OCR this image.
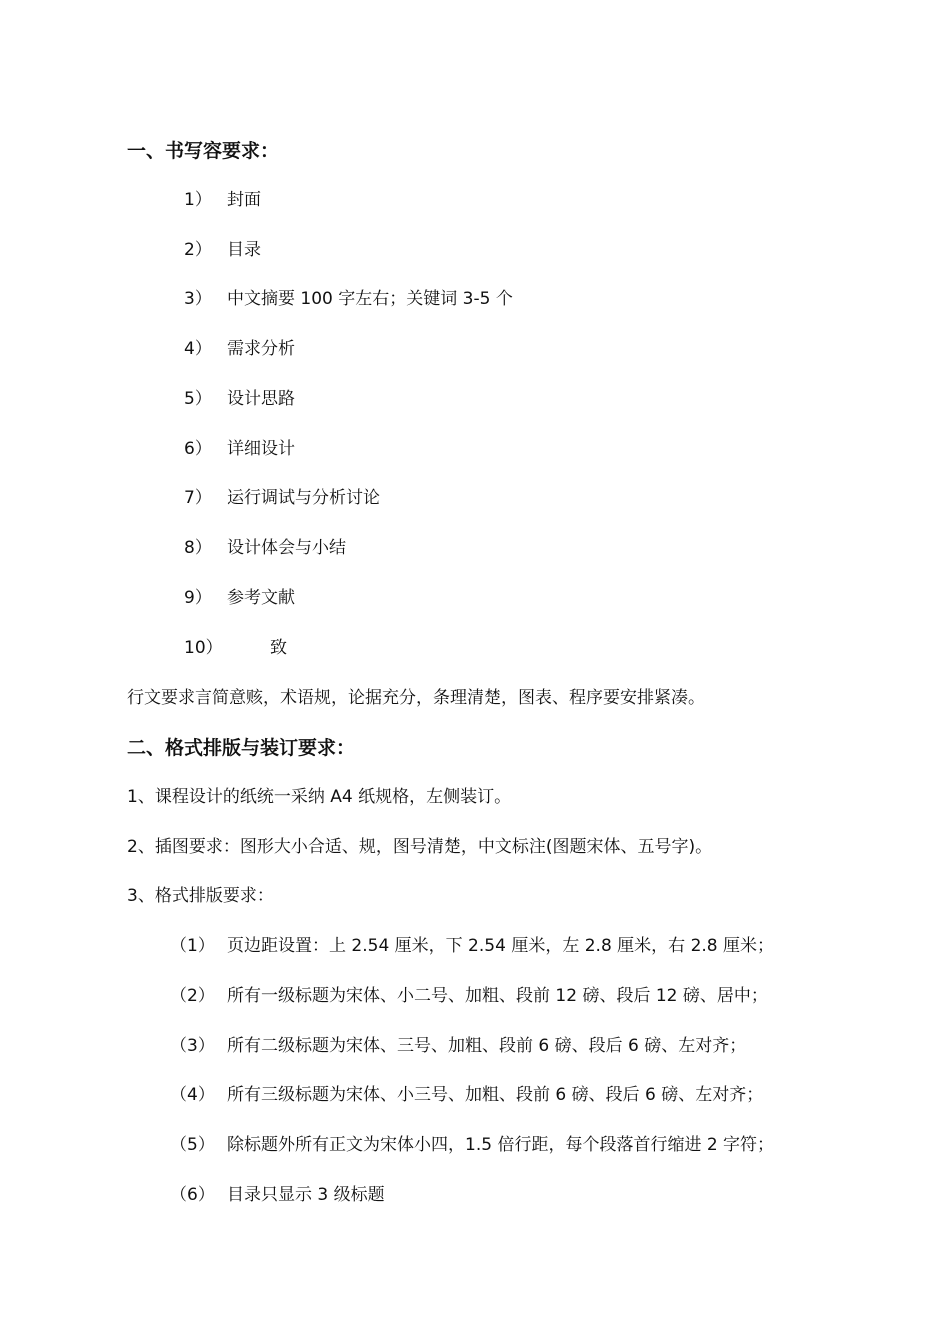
一、书写容要求：
1） 封面
2） 目录
3） 中文摘要 100 字左右；关键词 3-5 个
4） 需求分析
5） 设计思路
6） 详细设计
7） 运行调试与分析讨论
8） 设计体会与小结
9） 参考文献
10）	致
行文要求言简意赅，术语规，论据充分，条理清楚，图表、程序要安排紧凑。
二、格式排版与装订要求：
1、课程设计的纸统一采纳 A4 纸规格，左侧装订。
2、插图要求：图形大小合适、规，图号清楚，中文标注(图题宋体、五号字)。
3、格式排版要求：
（1） 页边距设置：上 2.54 厘米，下 2.54 厘米，左 2.8 厘米，右 2.8 厘米；
（2） 所有一级标题为宋体、小二号、加粗、段前 12 磅、段后 12 磅、居中；
（3） 所有二级标题为宋体、三号、加粗、段前 6 磅、段后 6 磅、左对齐；
（4） 所有三级标题为宋体、小三号、加粗、段前 6 磅、段后 6 磅、左对齐；
（5） 除标题外所有正文为宋体小四，1.5 倍行距，每个段落首行缩进 2 字符；
（6） 目录只显示 3 级标题
